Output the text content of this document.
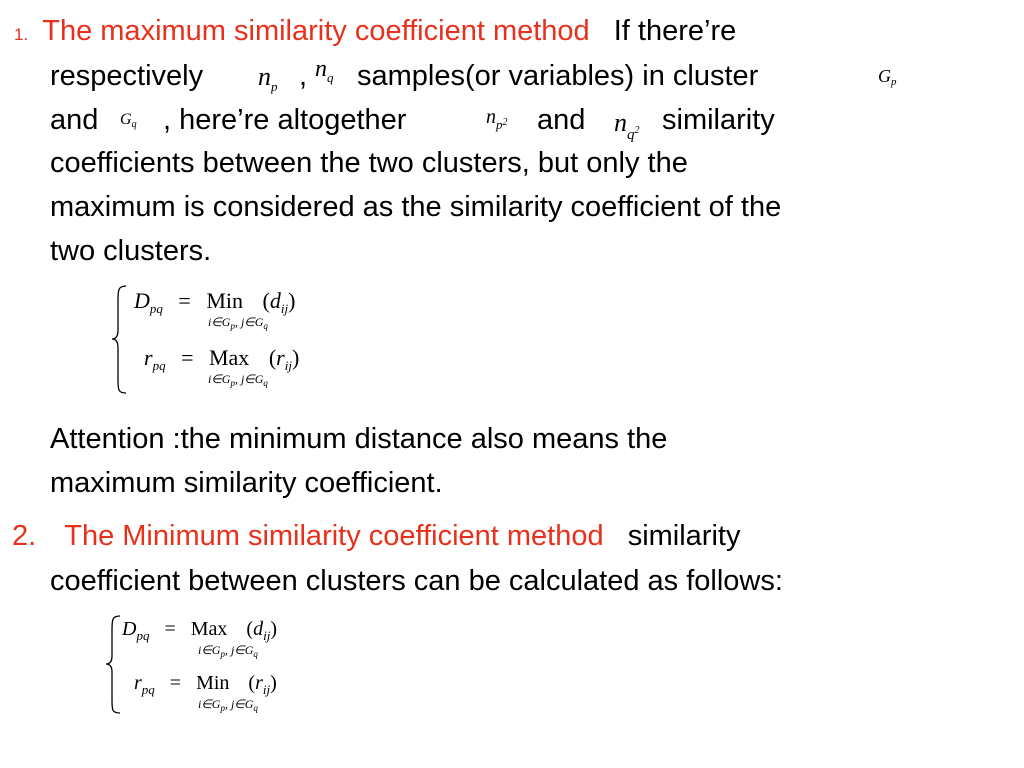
1. The maximum similarity coefficient method If there’re
respectively $n_p$ , $n_q$ samples(or variables) in cluster	Gp
and Gq , here’re altogether	$n_p2$ and $n_q2$ similarity
coefficients between the two clusters, but only the
maximum is considered as the similarity coefficient of the
two clusters.
$D_{pq}$ = Min $(d_{ij})$
$i\in G_p$, $j\in G_q$
$r_{pq}$ = Max $(r_{ij})$
$i\in G_p$, $j\in G_q$
Attention :the minimum distance also means the
maximum similarity coefficient.
2. The Minimum similarity coefficient method similarity
coefficient between clusters can be calculated as follows:
$D_{pq}$ = Max $(d_{ij})$
$i\in G_p$, $j\in G_q$
$r_{pq}$ = Min $(r_{ij})$
$i\in G_p$, $j\in G_q$
